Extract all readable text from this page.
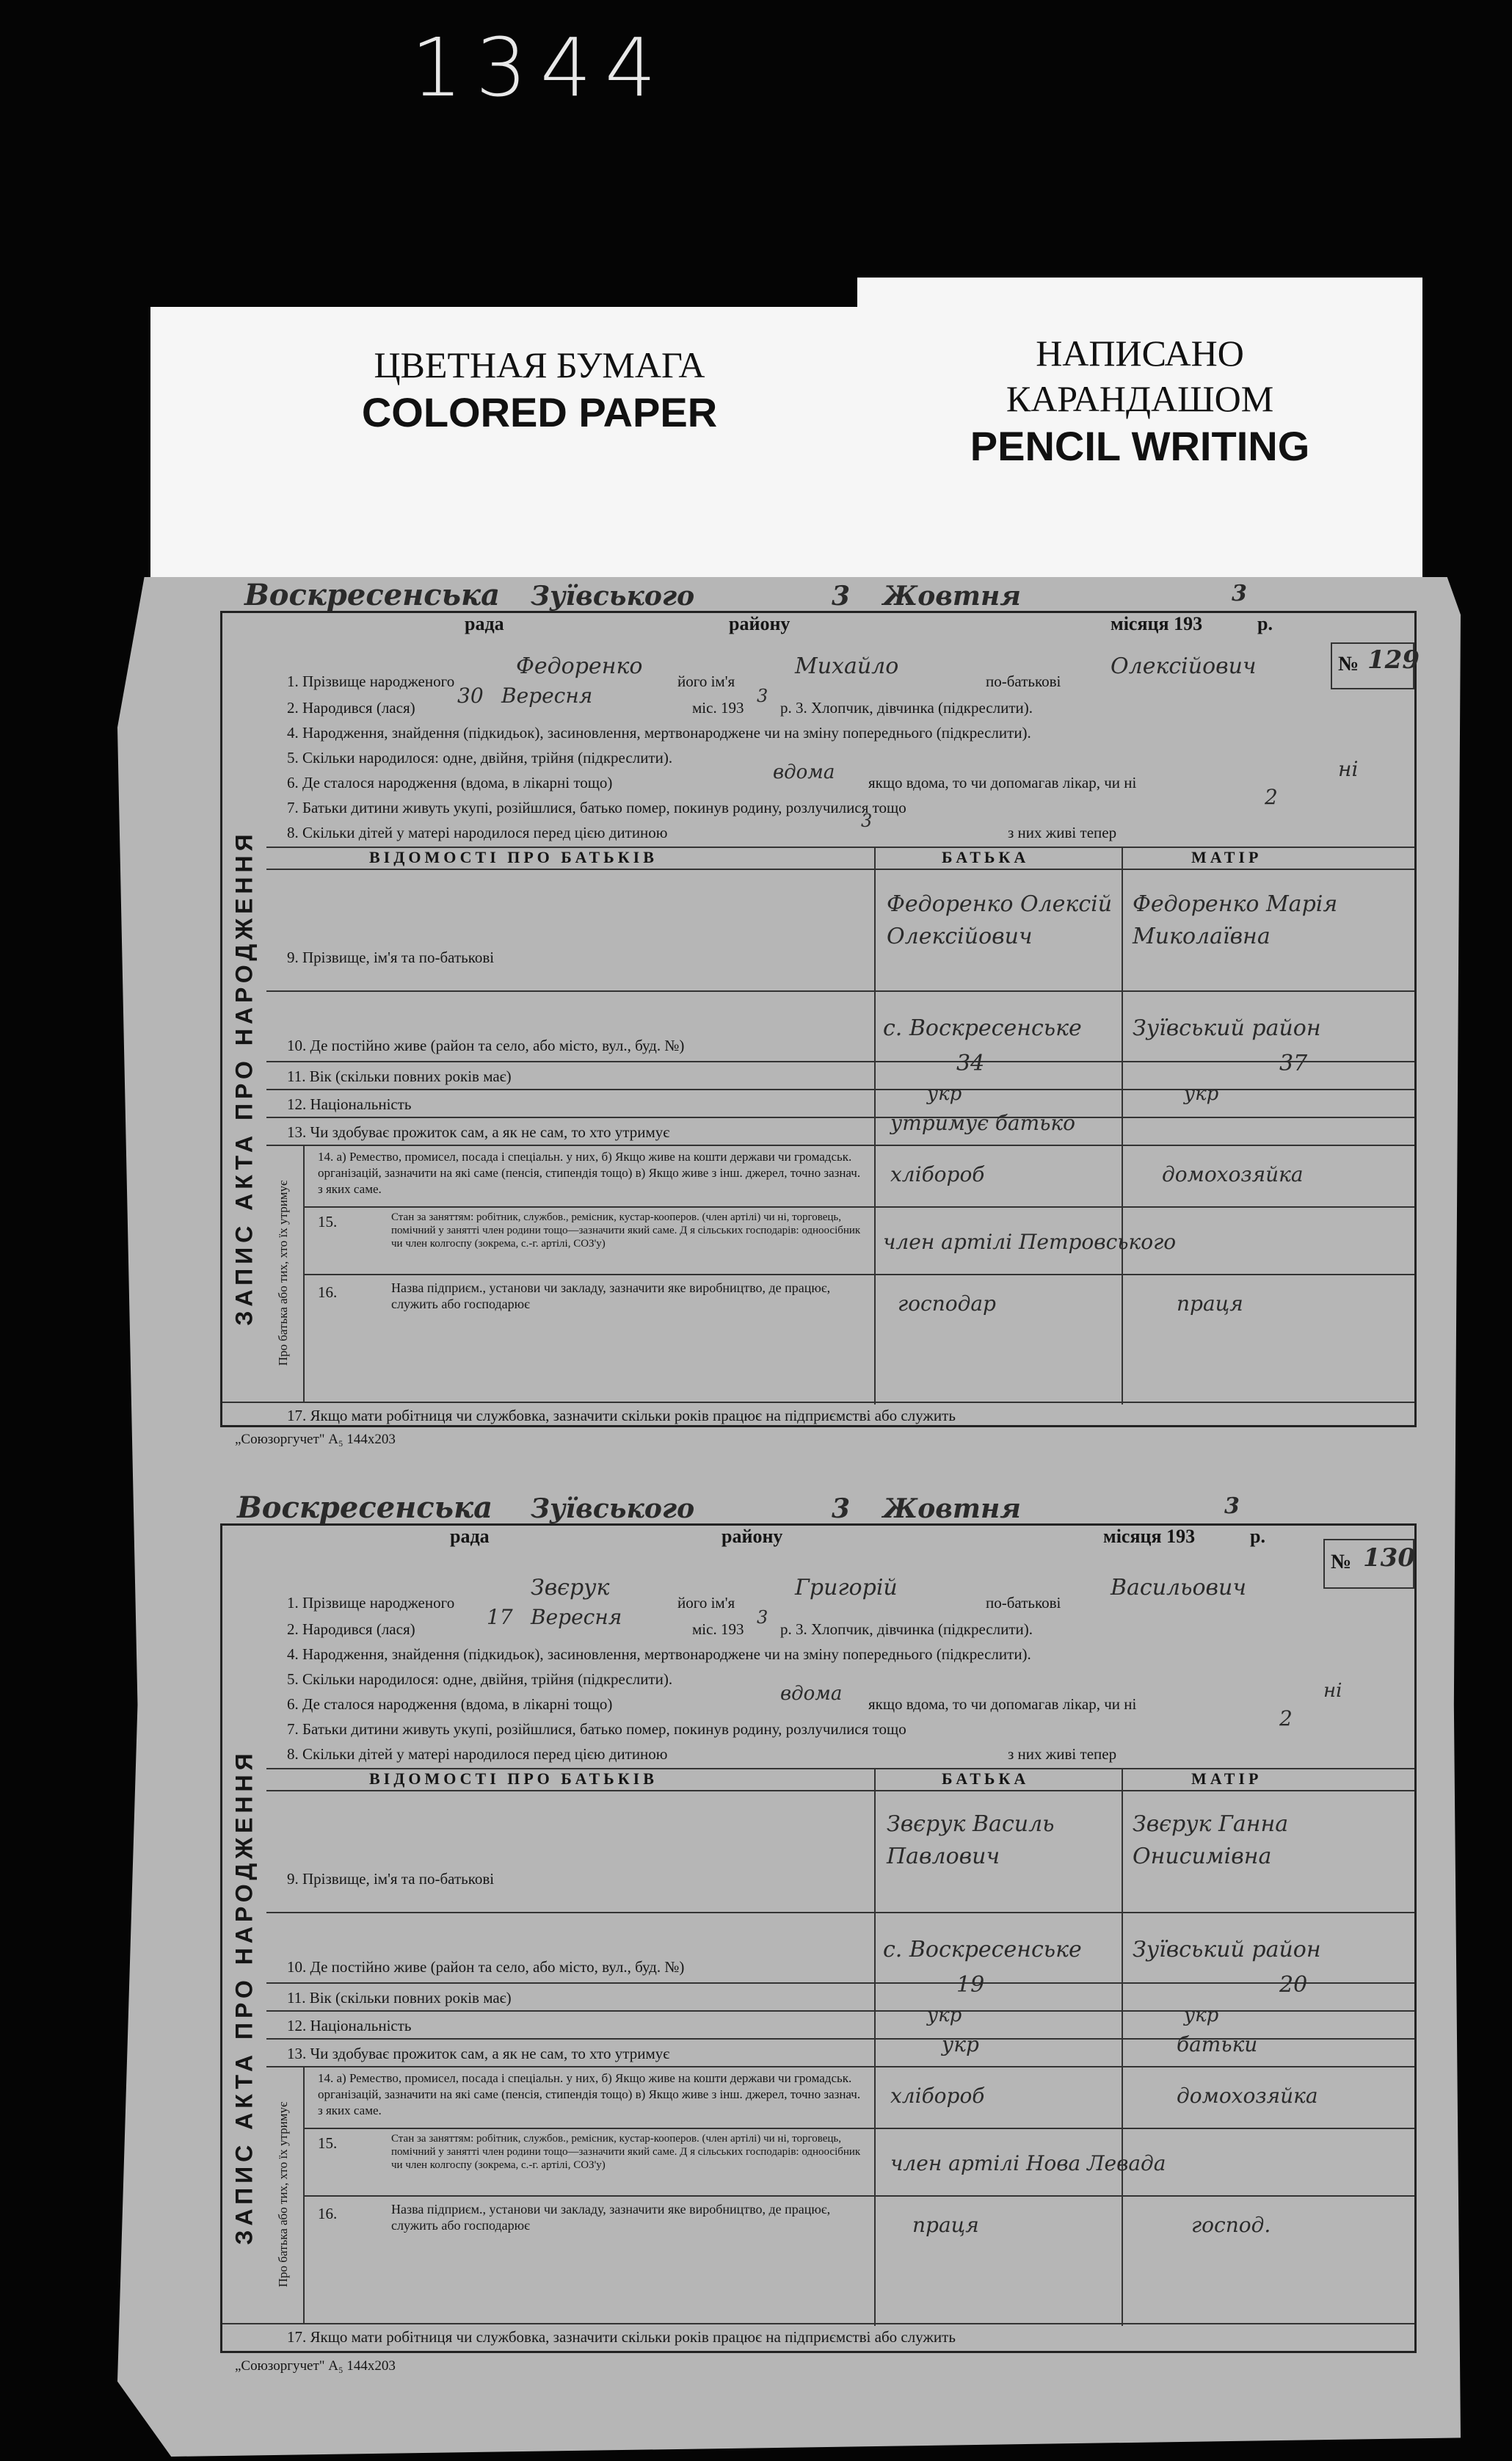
1344
ЦВЕТНАЯ БУМАГА
COLORED PAPER
НАПИСАНО
КАРАНДАШОМ
PENCIL WRITING
Воскресенська
рада
Зуївського
району
3 Жовтня
місяця 193
3
р.
№ 129
ЗАПИС АКТА ПРО НАРОДЖЕННЯ
1. Прізвище народженого	його ім'я	по-батькові
Федоренко	Михайло	Олексійович
2. Народився (лася) 30 Вересня	міс. 193
3
р. 3. Хлопчик, дівчинка (підкреслити).
4. Народження, знайдення (підкидьок), засиновлення, мертвонароджене чи на зміну попереднього (підкреслити).
5. Скільки народилося: одне, двійня, трійня (підкреслити).
6. Де сталося народження (вдома, в лікарні тощо)	вдома якщо вдома, то чи допомагав лікар, чи ні
ні
7. Батьки дитини живуть укупі, розійшлися, батько помер, покинув родину, розлучилися тощо	2
8. Скільки дітей у матері народилося перед цією дитиною
3
з них живі тепер
ВІДОМОСТІ ПРО БАТЬКІВ	БАТЬКА	МАТІР
9. Прізвище, ім'я та по-батькові
Федоренко Олексій Олексійович
Федоренко Марія Миколаївна
10. Де постійно живе (район та село, або місто, вул., буд. №)
с. Воскресенське Зуївський район
11. Вік (скільки повних років має)	34	37
12. Національність	укр	укр
13. Чи здобуває прожиток сам, а як не сам, то хто утримує	утримує батько
Про батька або тих, хто їх утримує
14. а) Ремество, промисел, посада і спеціальн. у них, б) Якщо живе на кошти держави чи громадськ. організацій, зазначити на які саме (пенсія, стипендія тощо) в) Якщо живе з інш. джерел, точно зазнач. з яких саме.
хлібороб	домохозяйка
15.	Стан за заняттям: робітник, службов., ремісник, кустар-кооперов. (член артілі) чи ні, торговець, помічний у занятті член родини тощо—зазначити який саме. Д я сільських господарів: одноосібник чи член колгоспу (зокрема, с.-г. артілі, СОЗ'у)	член артілі Петровського
16.	Назва підприєм., установи чи закладу, зазначити яке виробництво, де працює, служить або господарює	господар	праця
17. Якщо мати робітниця чи службовка, зазначити скільки років працює на підприємстві або служить
„Союзоргучет" А₅ 144х203
Воскресенська
рада
Зуївського
району
3 Жовтня
місяця 193
3
р.
№ 130
ЗАПИС АКТА ПРО НАРОДЖЕННЯ
1. Прізвище народженого	його ім'я	по-батькові
Звєрук	Григорій	Васильович
2. Народився (лася)	17 Вересня	міс. 193
3
р. 3. Хлопчик, дівчинка (підкреслити).
4. Народження, знайдення (підкидьок), засиновлення, мертвонароджене чи на зміну попереднього (підкреслити).
5. Скільки народилося: одне, двійня, трійня (підкреслити).
6. Де сталося народження (вдома, в лікарні тощо)	вдома якщо вдома, то чи допомагав лікар, чи ні
ні
7. Батьки дитини живуть укупі, розійшлися, батько помер, покинув родину, розлучилися тощо	2
8. Скільки дітей у матері народилося перед цією дитиною	з них живі тепер
ВІДОМОСТІ ПРО БАТЬКІВ	БАТЬКА	МАТІР
9. Прізвище, ім'я та по-батькові
Звєрук Василь Павлович
Звєрук Ганна Онисимівна
10. Де постійно живе (район та село, або місто, вул., буд. №)
с. Воскресенське Зуївський район
11. Вік (скільки повних років має)	19	20
12. Національність	укр	укр
13. Чи здобуває прожиток сам, а як не сам, то хто утримує	укр	батьки
Про батька або тих, хто їх утримує
14. а) Ремество, промисел, посада і спеціальн. у них, б) Якщо живе на кошти держави чи громадськ. організацій, зазначити на які саме (пенсія, стипендія тощо) в) Якщо живе з інш. джерел, точно зазнач. з яких саме.
хлібороб	домохозяйка
15.	Стан за заняттям: робітник, службов., ремісник, кустар-кооперов. (член артілі) чи ні, торговець, помічний у занятті член родини тощо—зазначити який саме. Д я сільських господарів: одноосібник чи член колгоспу (зокрема, с.-г. артілі, СОЗ'у)	член артілі Нова Левада
16.	Назва підприєм., установи чи закладу, зазначити яке виробництво, де працює, служить або господарює	праця	господ.
17. Якщо мати робітниця чи службовка, зазначити скільки років працює на підприємстві або служить
„Союзоргучет" А₅ 144х203
